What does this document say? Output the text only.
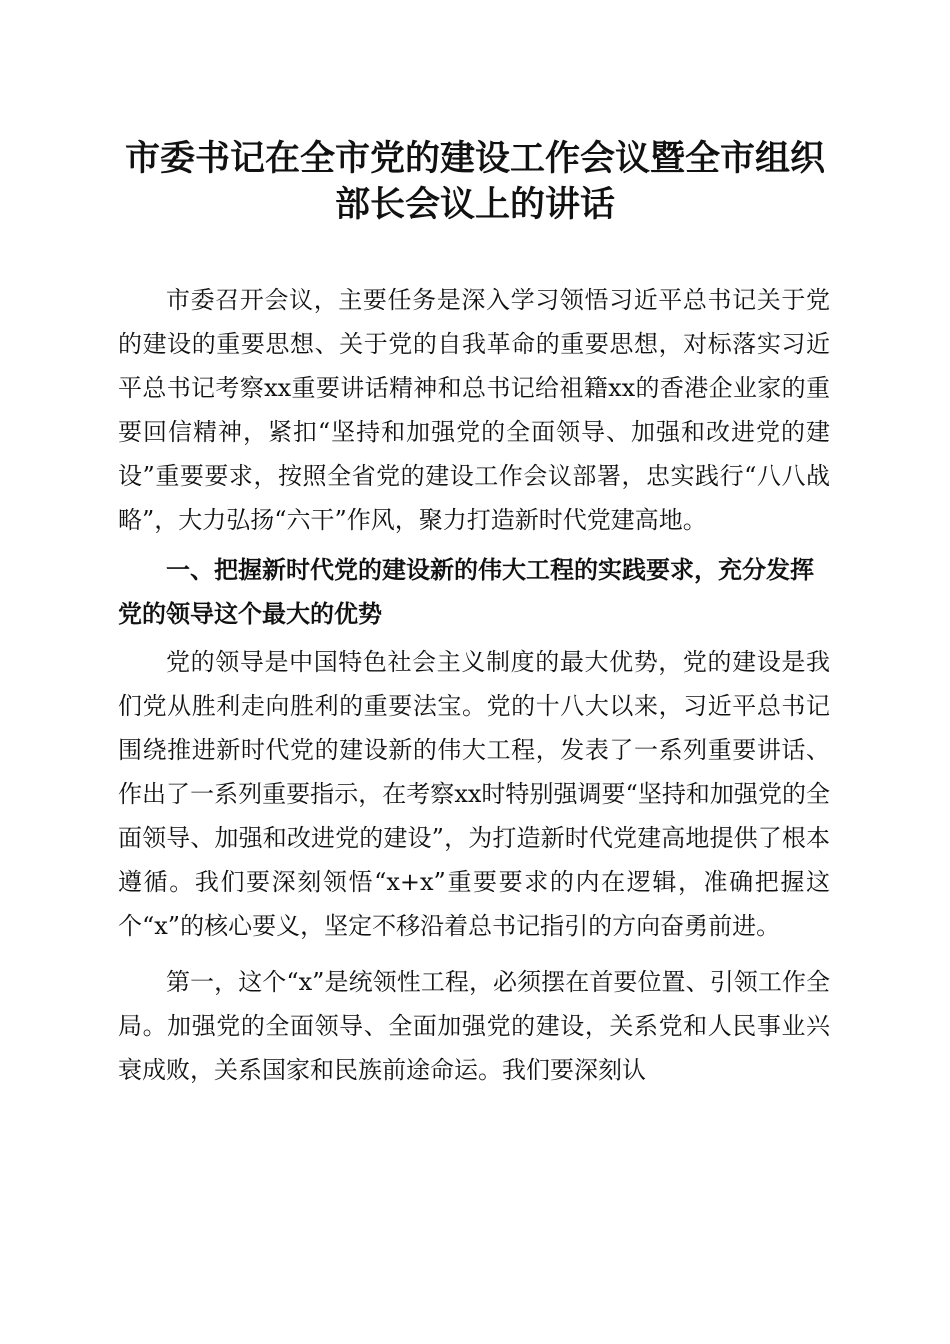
市委书记在全市党的建设工作会议暨全市组织
部长会议上的讲话

市委召开会议，主要任务是深入学习领悟习近平总书记关于党的建设的重要思想、关于党的自我革命的重要思想，对标落实习近平总书记考察xx重要讲话精神和总书记给祖籍xx的香港企业家的重要回信精神，紧扣“坚持和加强党的全面领导、加强和改进党的建设”重要要求，按照全省党的建设工作会议部署，忠实践行“八八战略”，大力弘扬“六干”作风，聚力打造新时代党建高地。

一、把握新时代党的建设新的伟大工程的实践要求，充分发挥党的领导这个最大的优势

党的领导是中国特色社会主义制度的最大优势，党的建设是我们党从胜利走向胜利的重要法宝。党的十八大以来，习近平总书记围绕推进新时代党的建设新的伟大工程，发表了一系列重要讲话、作出了一系列重要指示，在考察xx时特别强调要“坚持和加强党的全面领导、加强和改进党的建设”，为打造新时代党建高地提供了根本遵循。我们要深刻领悟“x+x”重要要求的内在逻辑，准确把握这个“x”的核心要义，坚定不移沿着总书记指引的方向奋勇前进。

第一，这个“x”是统领性工程，必须摆在首要位置、引领工作全局。加强党的全面领导、全面加强党的建设，关系党和人民事业兴衰成败，关系国家和民族前途命运。我们要深刻认
